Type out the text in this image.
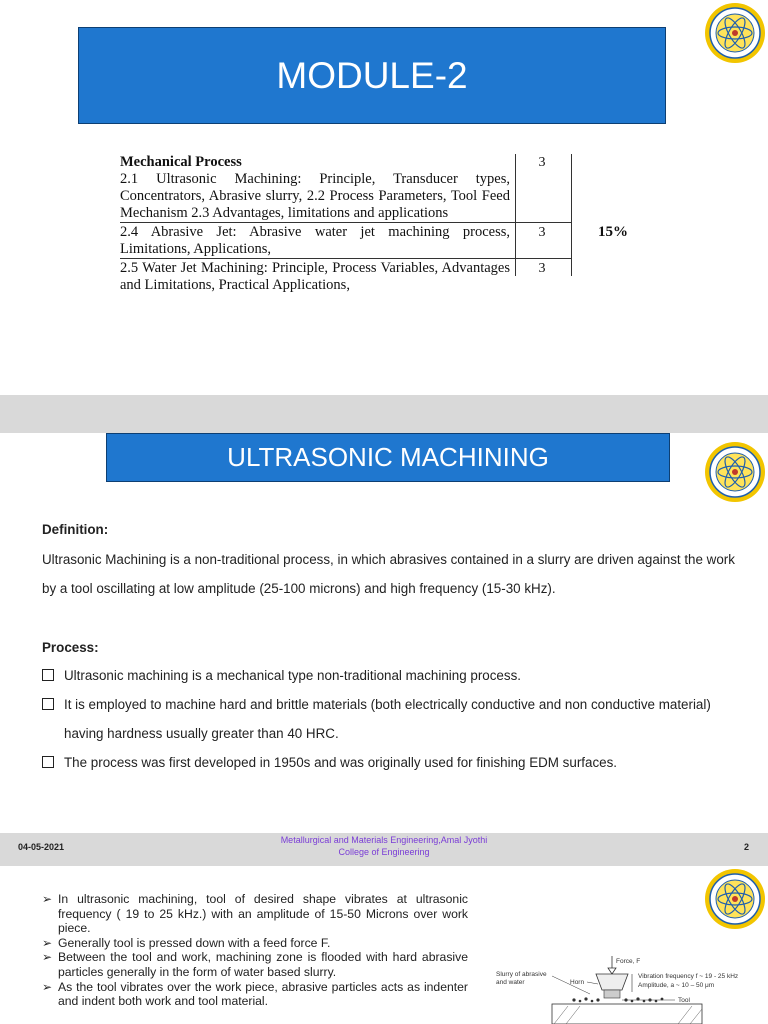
MODULE-2
Mechanical Process
2.1 Ultrasonic Machining: Principle, Transducer types, Concentrators, Abrasive slurry, 2.2 Process Parameters, Tool Feed Mechanism 2.3 Advantages, limitations and applications
3
2.4 Abrasive Jet: Abrasive water jet machining process, Limitations, Applications,
3
2.5 Water Jet Machining: Principle, Process Variables, Advantages and Limitations, Practical Applications,
3
15%
ULTRASONIC MACHINING
Definition:
Ultrasonic Machining is a non-traditional process, in which abrasives contained in a slurry are driven against the work by a tool oscillating at low amplitude (25-100 microns) and high frequency (15-30 kHz).
Process:
Ultrasonic machining is a mechanical type non-traditional machining process.
It is employed to machine hard and brittle materials (both electrically conductive and non conductive material) having hardness usually greater than 40 HRC.
The process was first developed in 1950s and was originally used for finishing EDM surfaces.
04-05-2021
Metallurgical and Materials Engineering,Amal Jyothi
College of Engineering	2
➢ In ultrasonic machining, tool of desired shape vibrates at ultrasonic frequency ( 19 to 25 kHz.) with an amplitude of 15-50 Microns over work piece.
➢ Generally tool is pressed down with a feed force F.
➢ Between the tool and work, machining zone is flooded with hard abrasive particles generally in the form of water based slurry.
➢ As the tool vibrates over the work piece, abrasive particles acts as indenter and indent both work and tool material.
Force, F
Horn
Vibration frequency f ~ 19 - 25 kHz
Amplitude, a ~ 10 – 50 μm
Slurry of abrasive
and water
Tool
